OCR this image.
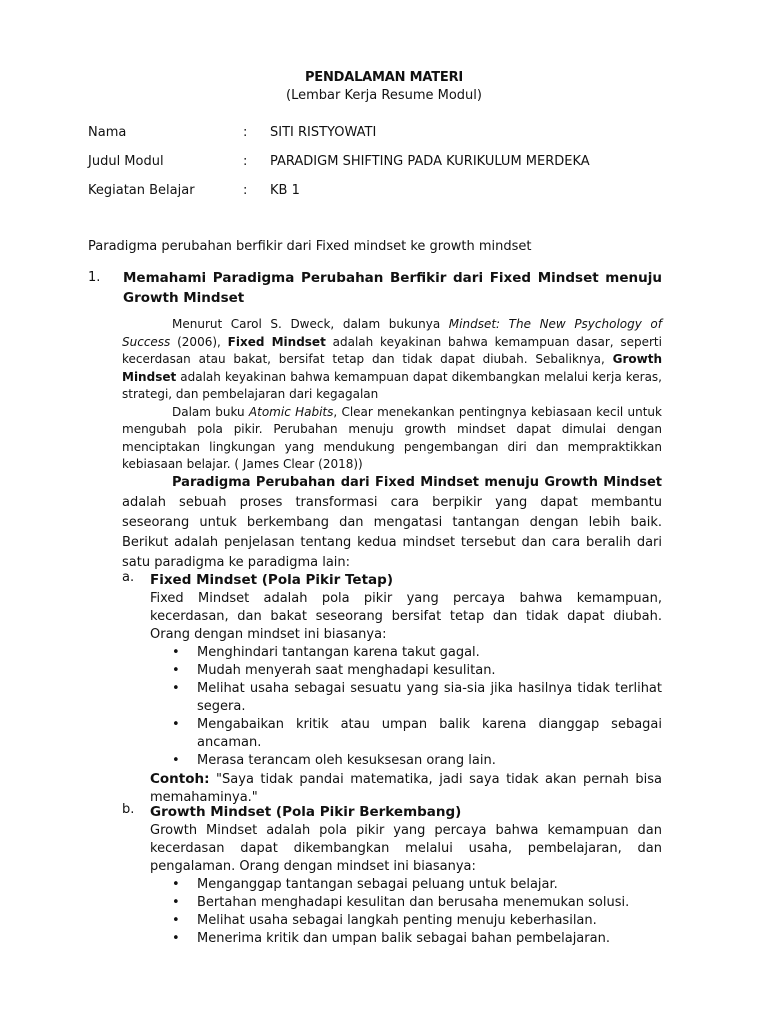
PENDALAMAN MATERI
(Lembar Kerja Resume Modul)
Nama	: SITI RISTYOWATI
Judul Modul	: PARADIGM SHIFTING PADA KURIKULUM MERDEKA
Kegiatan Belajar	: KB 1
Paradigma perubahan berfikir dari Fixed mindset ke growth mindset
1. Memahami Paradigma Perubahan Berfikir dari Fixed Mindset menuju Growth Mindset

Menurut Carol S. Dweck, dalam bukunya Mindset: The New Psychology of Success (2006), Fixed Mindset adalah keyakinan bahwa kemampuan dasar, seperti kecerdasan atau bakat, bersifat tetap dan tidak dapat diubah. Sebaliknya, Growth Mindset adalah keyakinan bahwa kemampuan dapat dikembangkan melalui kerja keras, strategi, dan pembelajaran dari kegagalan

Dalam buku Atomic Habits, Clear menekankan pentingnya kebiasaan kecil untuk mengubah pola pikir. Perubahan menuju growth mindset dapat dimulai dengan menciptakan lingkungan yang mendukung pengembangan diri dan mempraktikkan kebiasaan belajar. ( James Clear (2018))

Paradigma Perubahan dari Fixed Mindset menuju Growth Mindset adalah sebuah proses transformasi cara berpikir yang dapat membantu seseorang untuk berkembang dan mengatasi tantangan dengan lebih baik. Berikut adalah penjelasan tentang kedua mindset tersebut dan cara beralih dari satu paradigma ke paradigma lain:
a. Fixed Mindset (Pola Pikir Tetap)
Fixed Mindset adalah pola pikir yang percaya bahwa kemampuan, kecerdasan, dan bakat seseorang bersifat tetap dan tidak dapat diubah. Orang dengan mindset ini biasanya:
• Menghindari tantangan karena takut gagal.
• Mudah menyerah saat menghadapi kesulitan.
• Melihat usaha sebagai sesuatu yang sia-sia jika hasilnya tidak terlihat segera.
• Mengabaikan kritik atau umpan balik karena dianggap sebagai ancaman.
• Merasa terancam oleh kesuksesan orang lain.
Contoh: "Saya tidak pandai matematika, jadi saya tidak akan pernah bisa memahaminya."
b. Growth Mindset (Pola Pikir Berkembang)
Growth Mindset adalah pola pikir yang percaya bahwa kemampuan dan kecerdasan dapat dikembangkan melalui usaha, pembelajaran, dan pengalaman. Orang dengan mindset ini biasanya:
• Menganggap tantangan sebagai peluang untuk belajar.
• Bertahan menghadapi kesulitan dan berusaha menemukan solusi.
• Melihat usaha sebagai langkah penting menuju keberhasilan.
• Menerima kritik dan umpan balik sebagai bahan pembelajaran.
